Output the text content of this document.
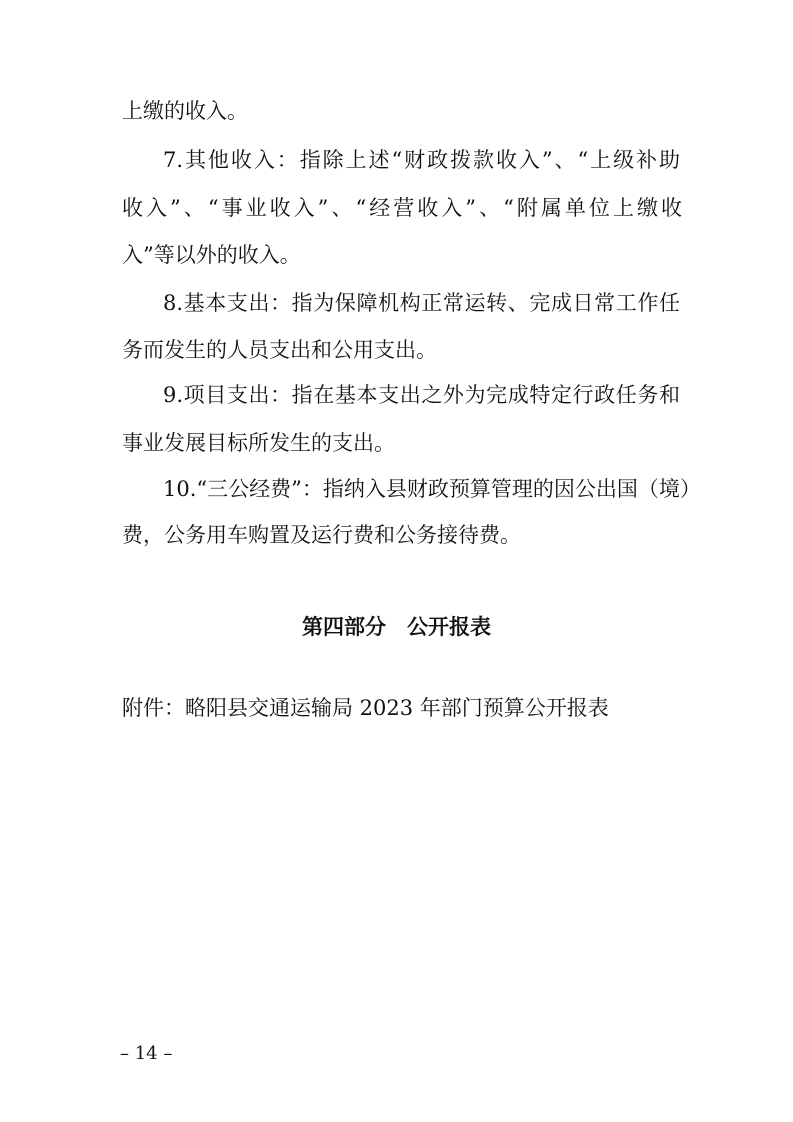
上缴的收入。
7.其他收入：指除上述“财政拨款收入”、“上级补助
收入”、“事业收入”、“经营收入”、“附属单位上缴收
入”等以外的收入。
8.基本支出：指为保障机构正常运转、完成日常工作任
务而发生的人员支出和公用支出。
9.项目支出：指在基本支出之外为完成特定行政任务和
事业发展目标所发生的支出。
10.“三公经费”：指纳入县财政预算管理的因公出国（境）
费，公务用车购置及运行费和公务接待费。
第四部分　公开报表
附件：略阳县交通运输局 2023 年部门预算公开报表
– 14 –
